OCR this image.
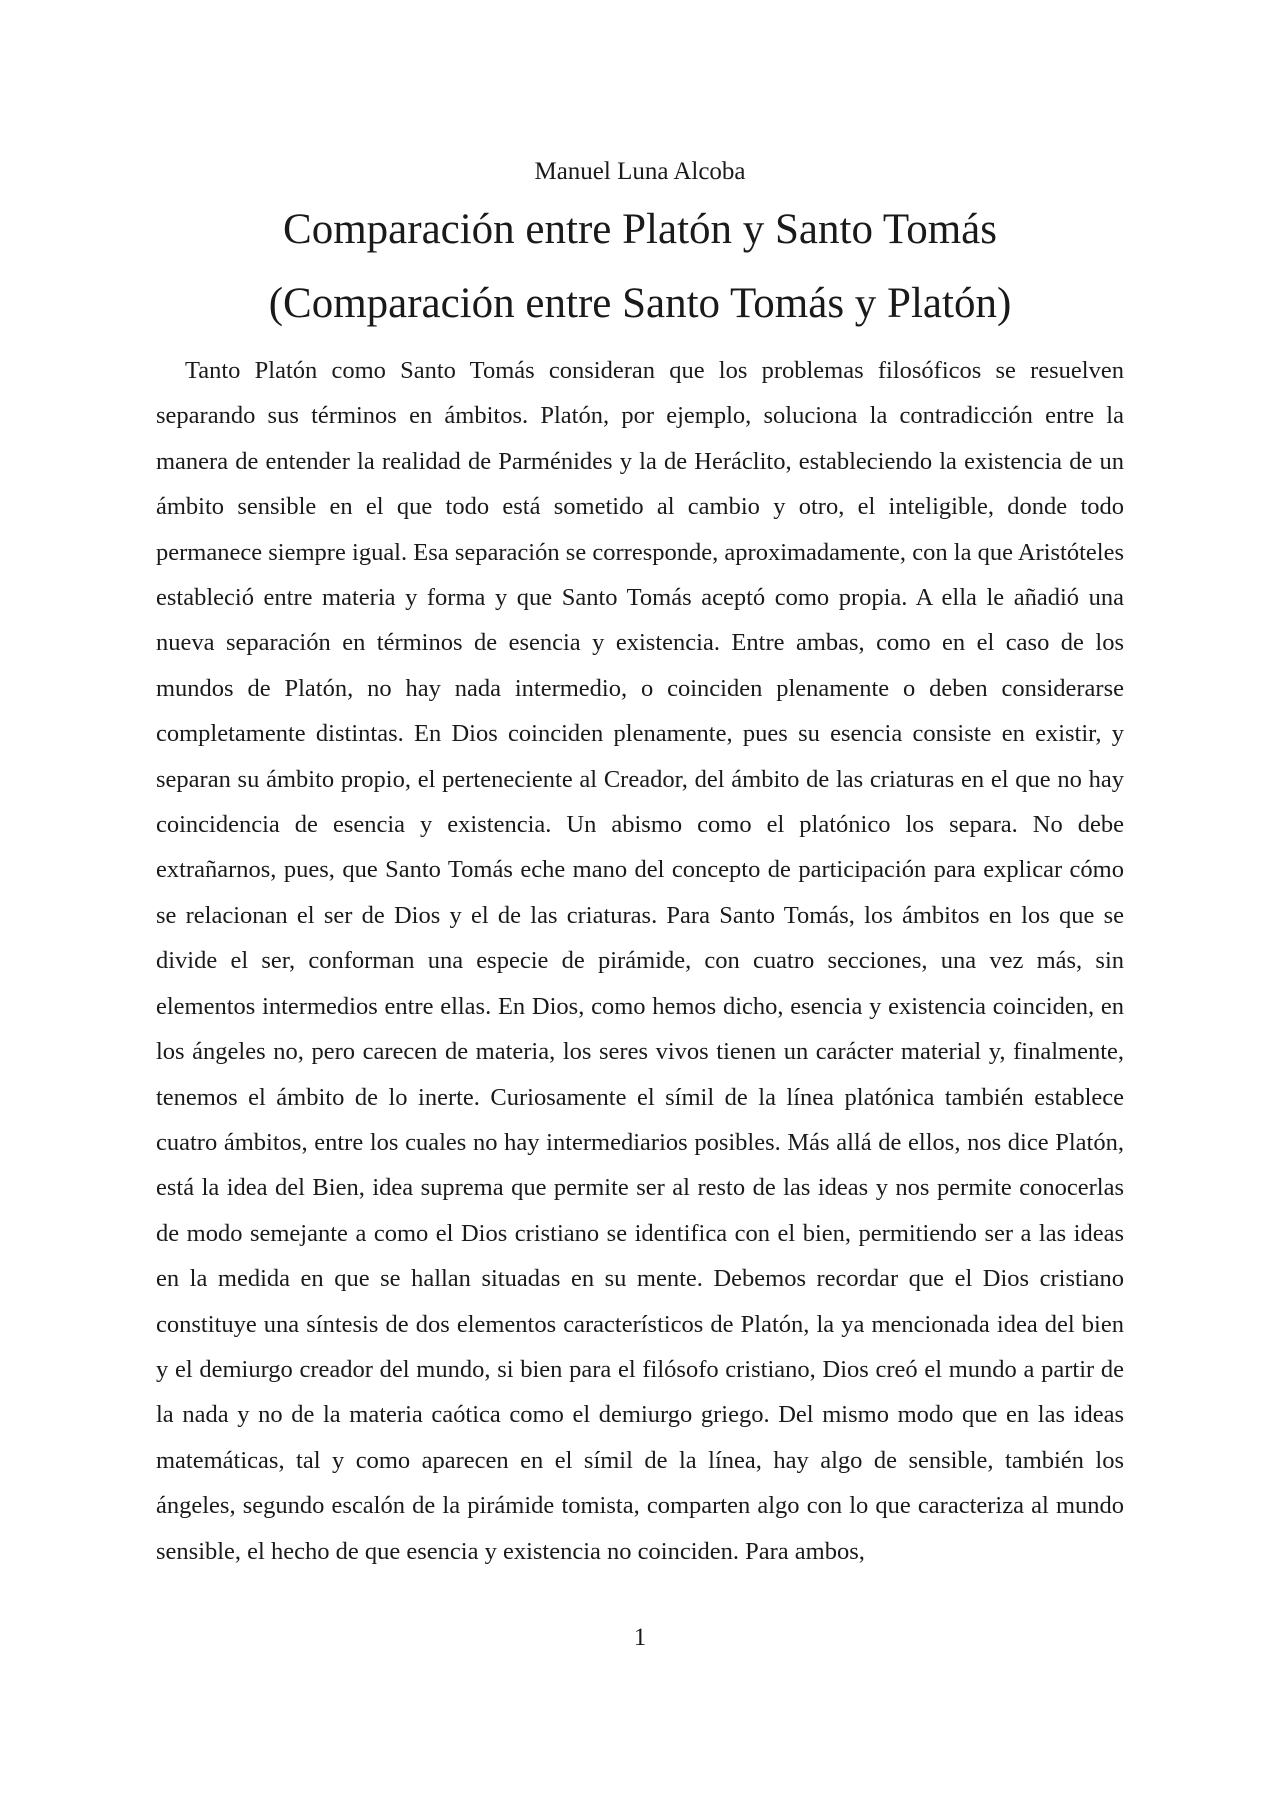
Manuel Luna Alcoba
Comparación entre Platón y Santo Tomás
(Comparación entre Santo Tomás y Platón)

Tanto Platón como Santo Tomás consideran que los problemas filosóficos se resuelven separando sus términos en ámbitos. Platón, por ejemplo, soluciona la contradicción entre la manera de entender la realidad de Parménides y la de Heráclito, estableciendo la existencia de un ámbito sensible en el que todo está sometido al cambio y otro, el inteligible, donde todo permanece siempre igual. Esa separación se corresponde, aproximadamente, con la que Aristóteles estableció entre materia y forma y que Santo Tomás aceptó como propia. A ella le añadió una nueva separación en términos de esencia y existencia. Entre ambas, como en el caso de los mundos de Platón, no hay nada intermedio, o coinciden plenamente o deben considerarse completamente distintas. En Dios coinciden plenamente, pues su esencia consiste en existir, y separan su ámbito propio, el perteneciente al Creador, del ámbito de las criaturas en el que no hay coincidencia de esencia y existencia. Un abismo como el platónico los separa. No debe extrañarnos, pues, que Santo Tomás eche mano del concepto de participación para explicar cómo se relacionan el ser de Dios y el de las criaturas. Para Santo Tomás, los ámbitos en los que se divide el ser, conforman una especie de pirámide, con cuatro secciones, una vez más, sin elementos intermedios entre ellas. En Dios, como hemos dicho, esencia y existencia coinciden, en los ángeles no, pero carecen de materia, los seres vivos tienen un carácter material y, finalmente, tenemos el ámbito de lo inerte. Curiosamente el símil de la línea platónica también establece cuatro ámbitos, entre los cuales no hay intermediarios posibles. Más allá de ellos, nos dice Platón, está la idea del Bien, idea suprema que permite ser al resto de las ideas y nos permite conocerlas de modo semejante a como el Dios cristiano se identifica con el bien, permitiendo ser a las ideas en la medida en que se hallan situadas en su mente. Debemos recordar que el Dios cristiano constituye una síntesis de dos elementos característicos de Platón, la ya mencionada idea del bien y el demiurgo creador del mundo, si bien para el filósofo cristiano, Dios creó el mundo a partir de la nada y no de la materia caótica como el demiurgo griego. Del mismo modo que en las ideas matemáticas, tal y como aparecen en el símil de la línea, hay algo de sensible, también los ángeles, segundo escalón de la pirámide tomista, comparten algo con lo que caracteriza al mundo sensible, el hecho de que esencia y existencia no coinciden. Para ambos,

1
